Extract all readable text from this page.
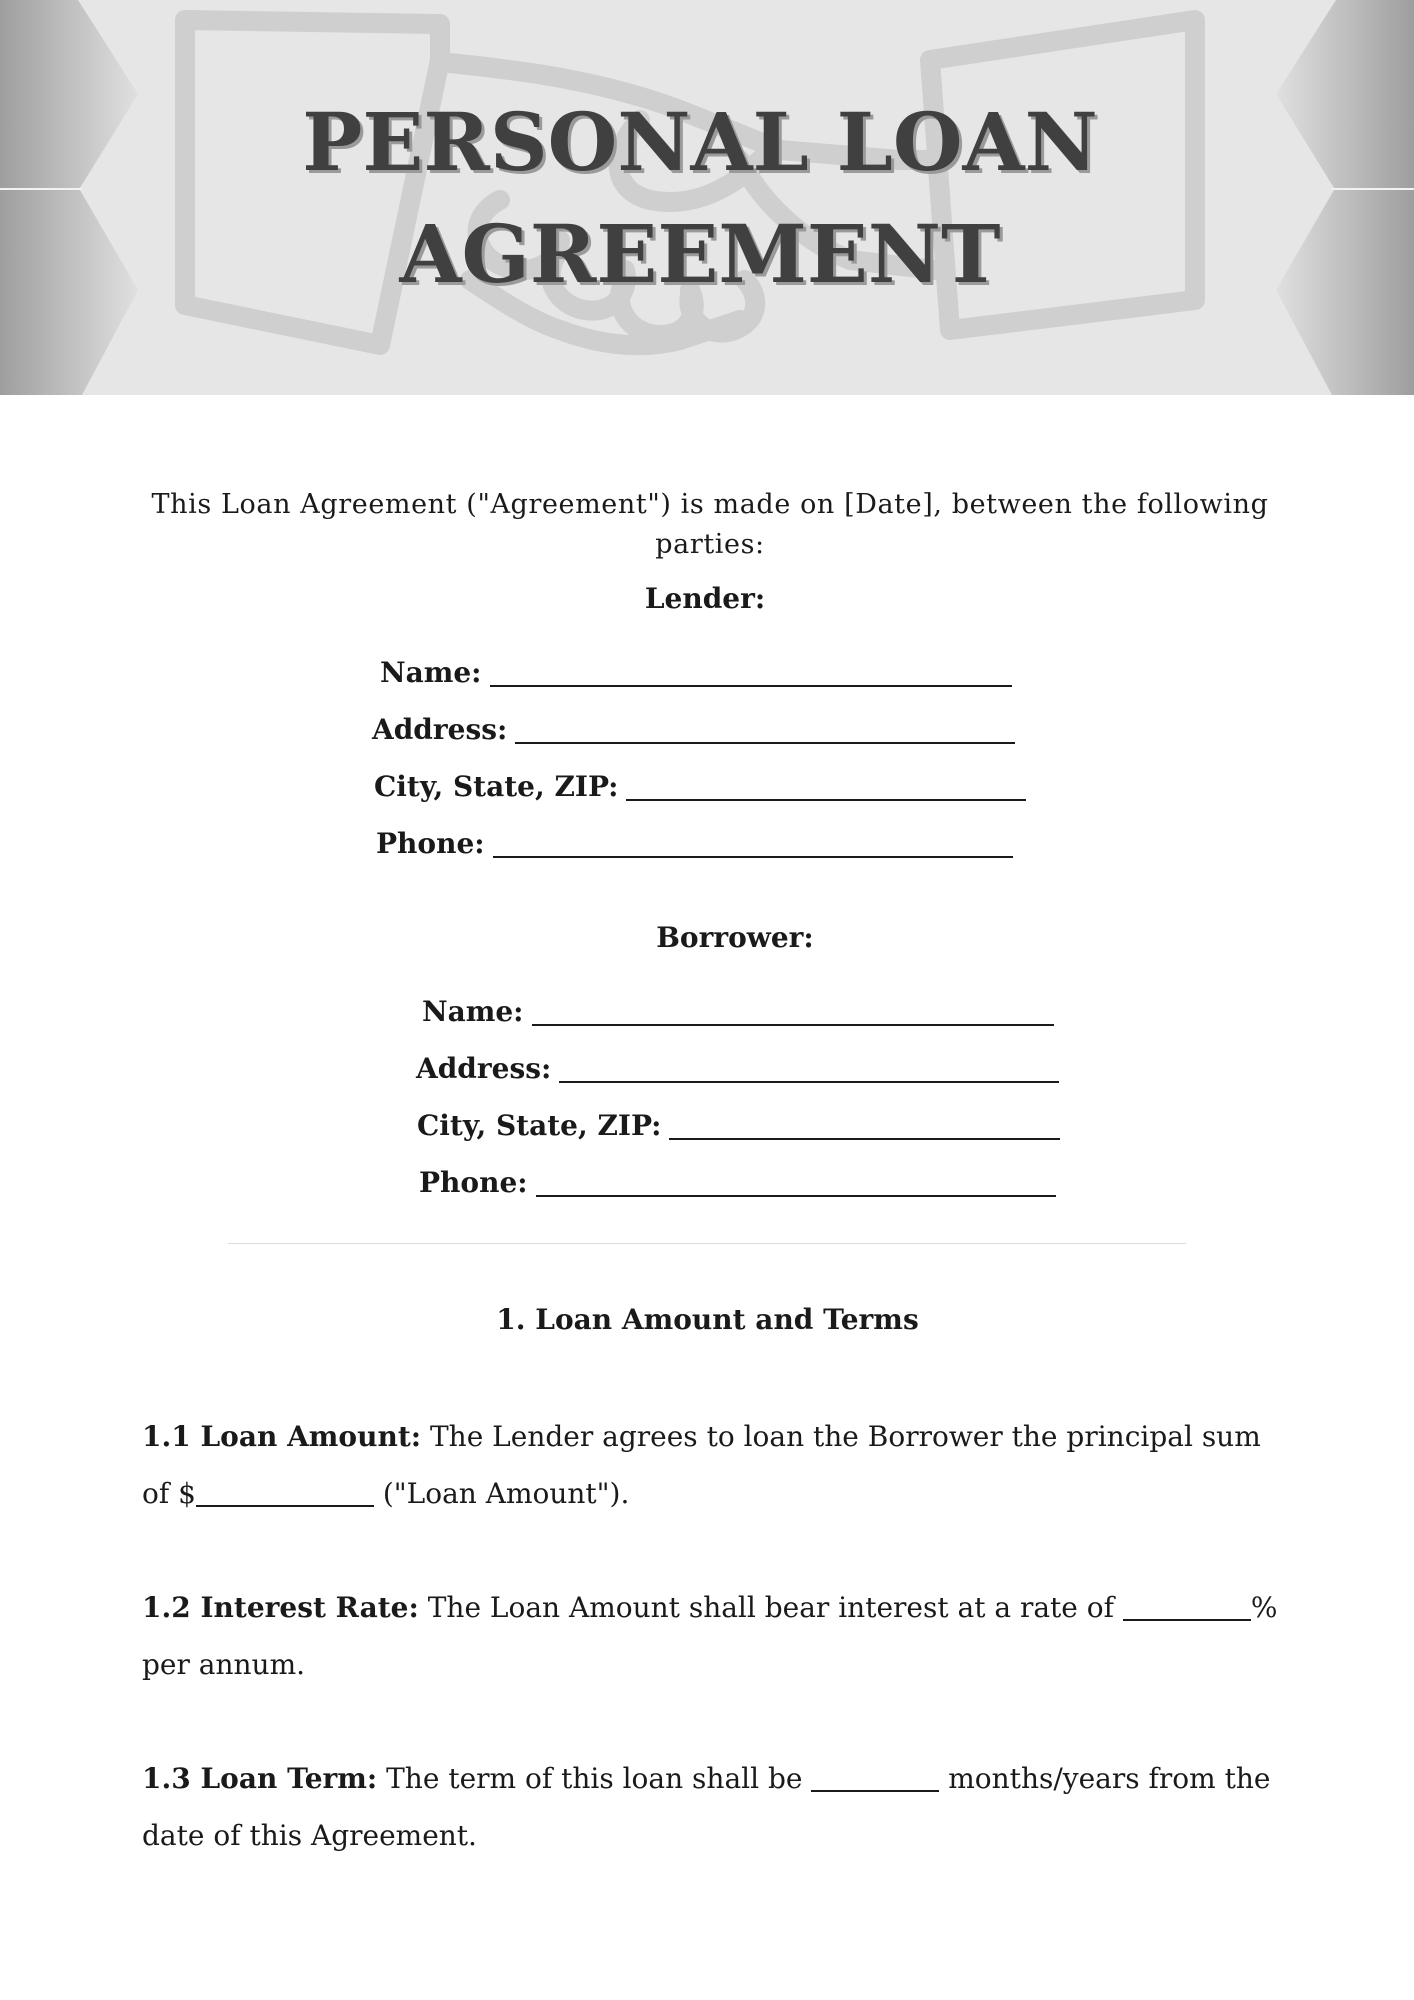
PERSONAL LOAN
AGREEMENT

This Loan Agreement ("Agreement") is made on [Date], between the following parties:

Lender:
Name:
Address:
City, State, ZIP:
Phone:
Borrower:
Name:
Address:
City, State, ZIP:
Phone:
1. Loan Amount and Terms

1.1 Loan Amount: The Lender agrees to loan the Borrower the principal sum of $	("Loan Amount").

1.2 Interest Rate: The Loan Amount shall bear interest at a rate of	% per annum.

1.3 Loan Term: The term of this loan shall be	months/years from the date of this Agreement.
